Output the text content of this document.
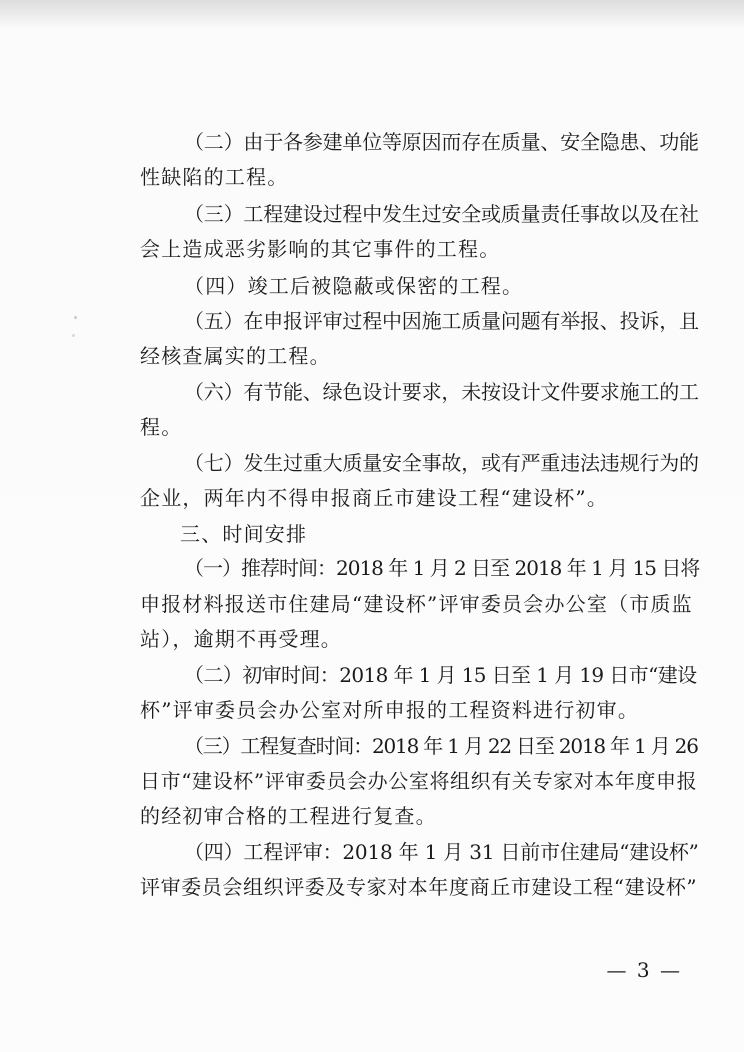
（二）由于各参建单位等原因而存在质量、安全隐患、功能
性缺陷的工程。
（三）工程建设过程中发生过安全或质量责任事故以及在社
会上造成恶劣影响的其它事件的工程。
（四）竣工后被隐蔽或保密的工程。
（五）在申报评审过程中因施工质量问题有举报、投诉，且
经核查属实的工程。
（六）有节能、绿色设计要求，未按设计文件要求施工的工
程。
（七）发生过重大质量安全事故，或有严重违法违规行为的
企业，两年内不得申报商丘市建设工程“建设杯”。
三、时间安排
（一）推荐时间：2018 年 1 月 2 日至 2018 年 1 月 15 日将
申报材料报送市住建局“建设杯”评审委员会办公室（市质监
站），逾期不再受理。
（二）初审时间：2018 年 1 月 15 日至 1 月 19 日市“建设
杯”评审委员会办公室对所申报的工程资料进行初审。
（三）工程复查时间：2018 年 1 月 22 日至 2018 年 1 月 26
日市“建设杯”评审委员会办公室将组织有关专家对本年度申报
的经初审合格的工程进行复查。
（四）工程评审：2018 年 1 月 31 日前市住建局“建设杯”
评审委员会组织评委及专家对本年度商丘市建设工程“建设杯”
— 3 —
